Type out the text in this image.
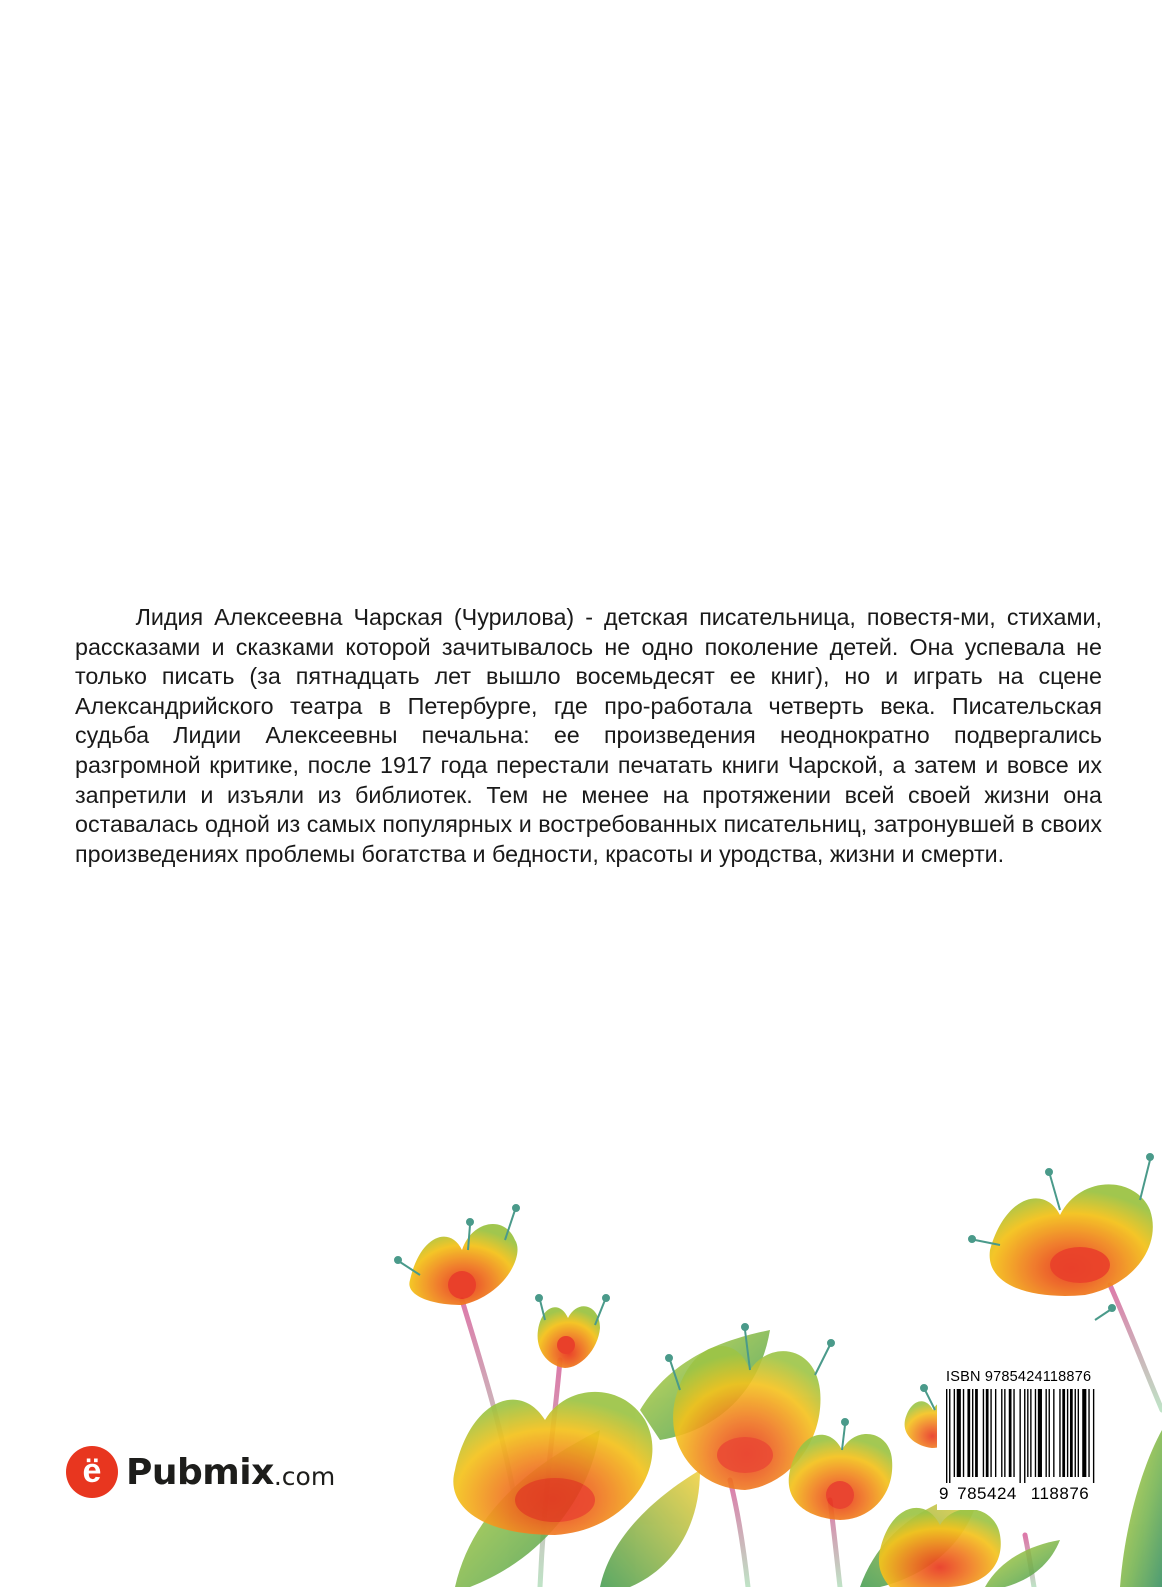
Лидия Алексеевна Чарская (Чурилова) - детская писательница, повестя-ми, стихами, рассказами и сказками которой зачитывалось не одно поколение детей. Она успевала не только писать (за пятнадцать лет вышло восемьдесят ее книг), но и играть на сцене Александрийского театра в Петербурге, где про-работала четверть века. Писательская судьба Лидии Алексеевны печальна: ее произведения неоднократно подвергались разгромной критике, после 1917 года перестали печатать книги Чарской, а затем и вовсе их запретили и изъяли из библиотек. Тем не менее на протяжении всей своей жизни она оставалась одной из самых популярных и востребованных писательниц, затронувшей в своих произведениях проблемы богатства и бедности, красоты и уродства, жизни и смерти.

ё Pubmix .com
ISBN 9785424118876
9 785424 118876
